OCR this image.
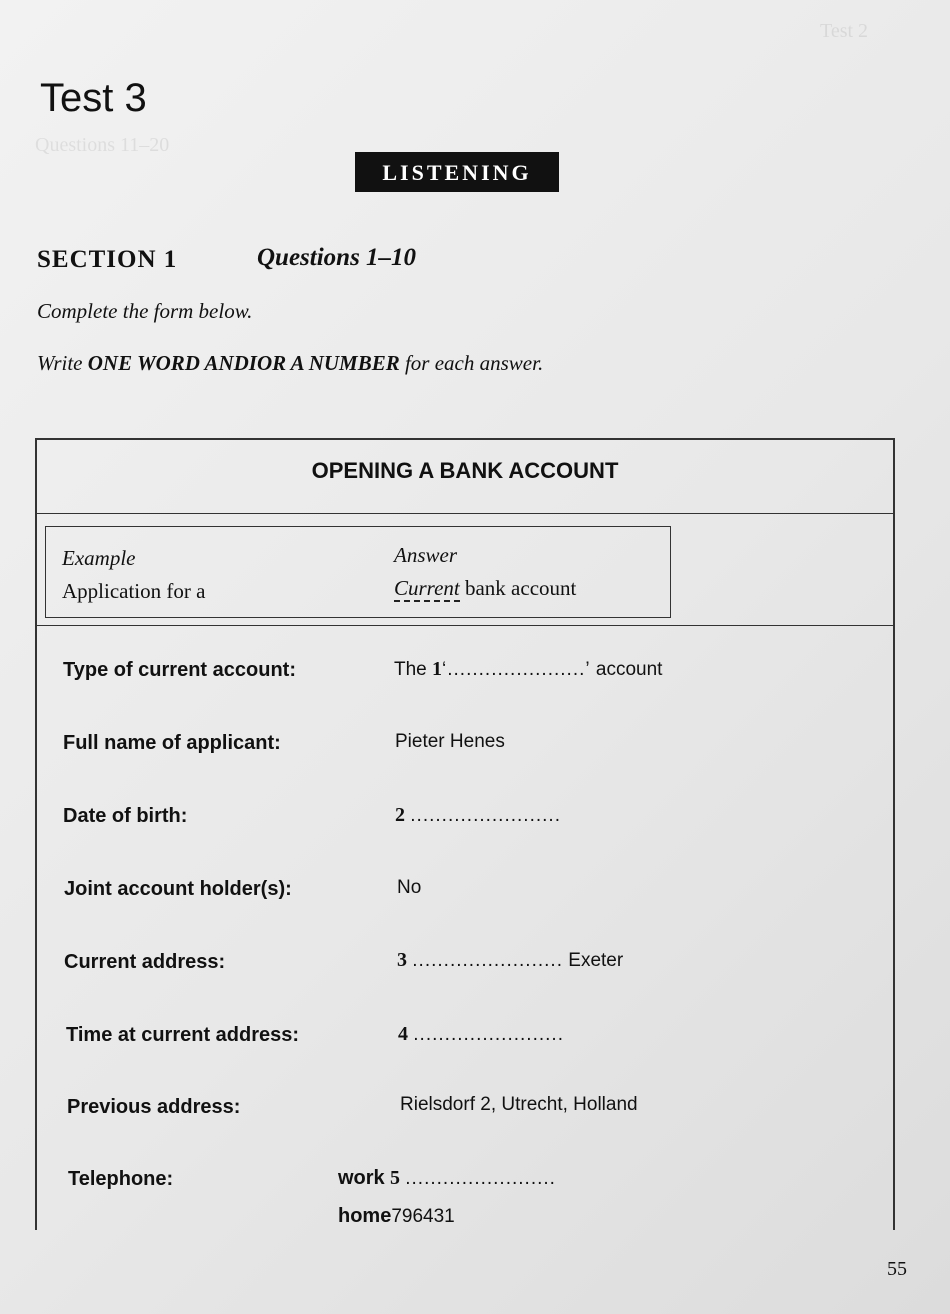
Test 2
Questions 11–20
Test 3
LISTENING
SECTION 1	Questions 1–10
Complete the form below.
Write ONE WORD ANDIOR A NUMBER for each answer.
OPENING A BANK ACCOUNT
Example	Answer
Application for a	Current bank account
Type of current account:	The 1‘......................’ account
Full name of applicant:	Pieter Henes
Date of birth:	2 ........................
Joint account holder(s):	No
Current address:	3 ........................ Exeter
Time at current address:	4 ........................
Previous address:	Rielsdorf 2, Utrecht, Holland
Telephone:	work 5 ........................
home796431
55
